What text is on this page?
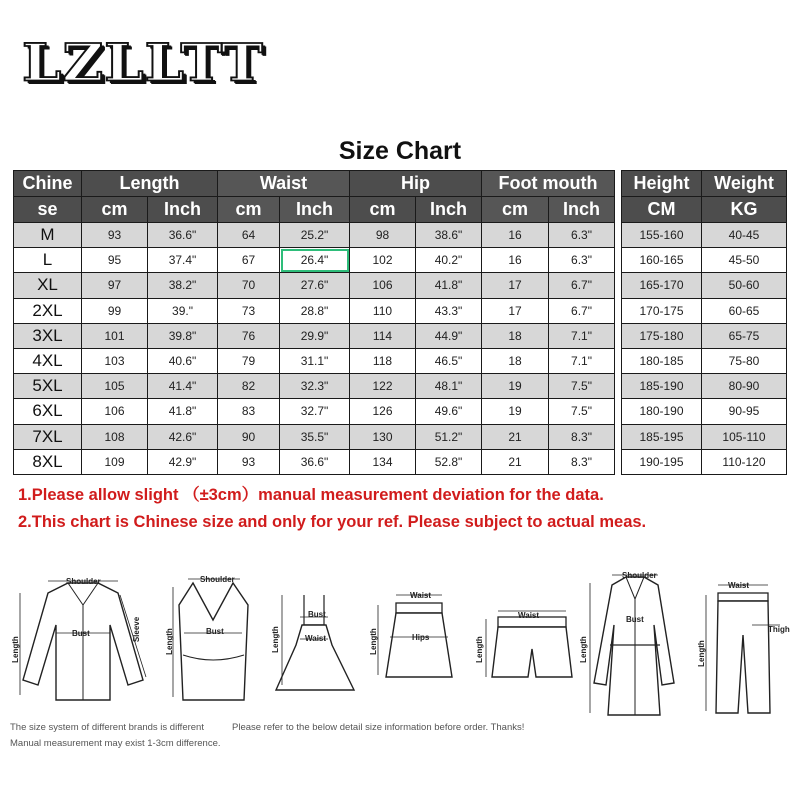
LZLLTT
Size Chart
Chine	Length		Waist		Hip		Foot mouth	
se	cm	Inch	cm	Inch	cm	Inch	cm	Inch
M	93	36.6"	64	25.2"	98	38.6"	16	6.3"
L	95	37.4"	67	26.4"	102	40.2"	16	6.3"
XL	97	38.2"	70	27.6"	106	41.8"	17	6.7"
2XL	99	39."	73	28.8"	110	43.3"	17	6.7"
3XL	101	39.8"	76	29.9"	114	44.9"	18	7.1"
4XL	103	40.6"	79	31.1"	118	46.5"	18	7.1"
5XL	105	41.4"	82	32.3"	122	48.1"	19	7.5"
6XL	106	41.8"	83	32.7"	126	49.6"	19	7.5"
7XL	108	42.6"	90	35.5"	130	51.2"	21	8.3"
8XL	109	42.9"	93	36.6"	134	52.8"	21	8.3"
Height	Weight
CM	KG
155-160	40-45
160-165	45-50
165-170	50-60
170-175	60-65
175-180	65-75
180-185	75-80
185-190	80-90
180-190	90-95
185-195	105-110
190-195	110-120
1.Please allow slight （±3cm）manual measurement deviation for the data.
2.This chart is Chinese size and only for your ref. Please subject to actual meas.
Shoulder
Bust
Length
Sleeve
Shoulder
Bust
Length
Bust
Waist
Length
Waist
Hips
Length
Waist
Length
Shoulder
Bust
Length
Waist
Thigh
Length
The size system of different brands is different	Please refer to the below detail size information before order. Thanks!
Manual measurement may exist 1-3cm difference.
